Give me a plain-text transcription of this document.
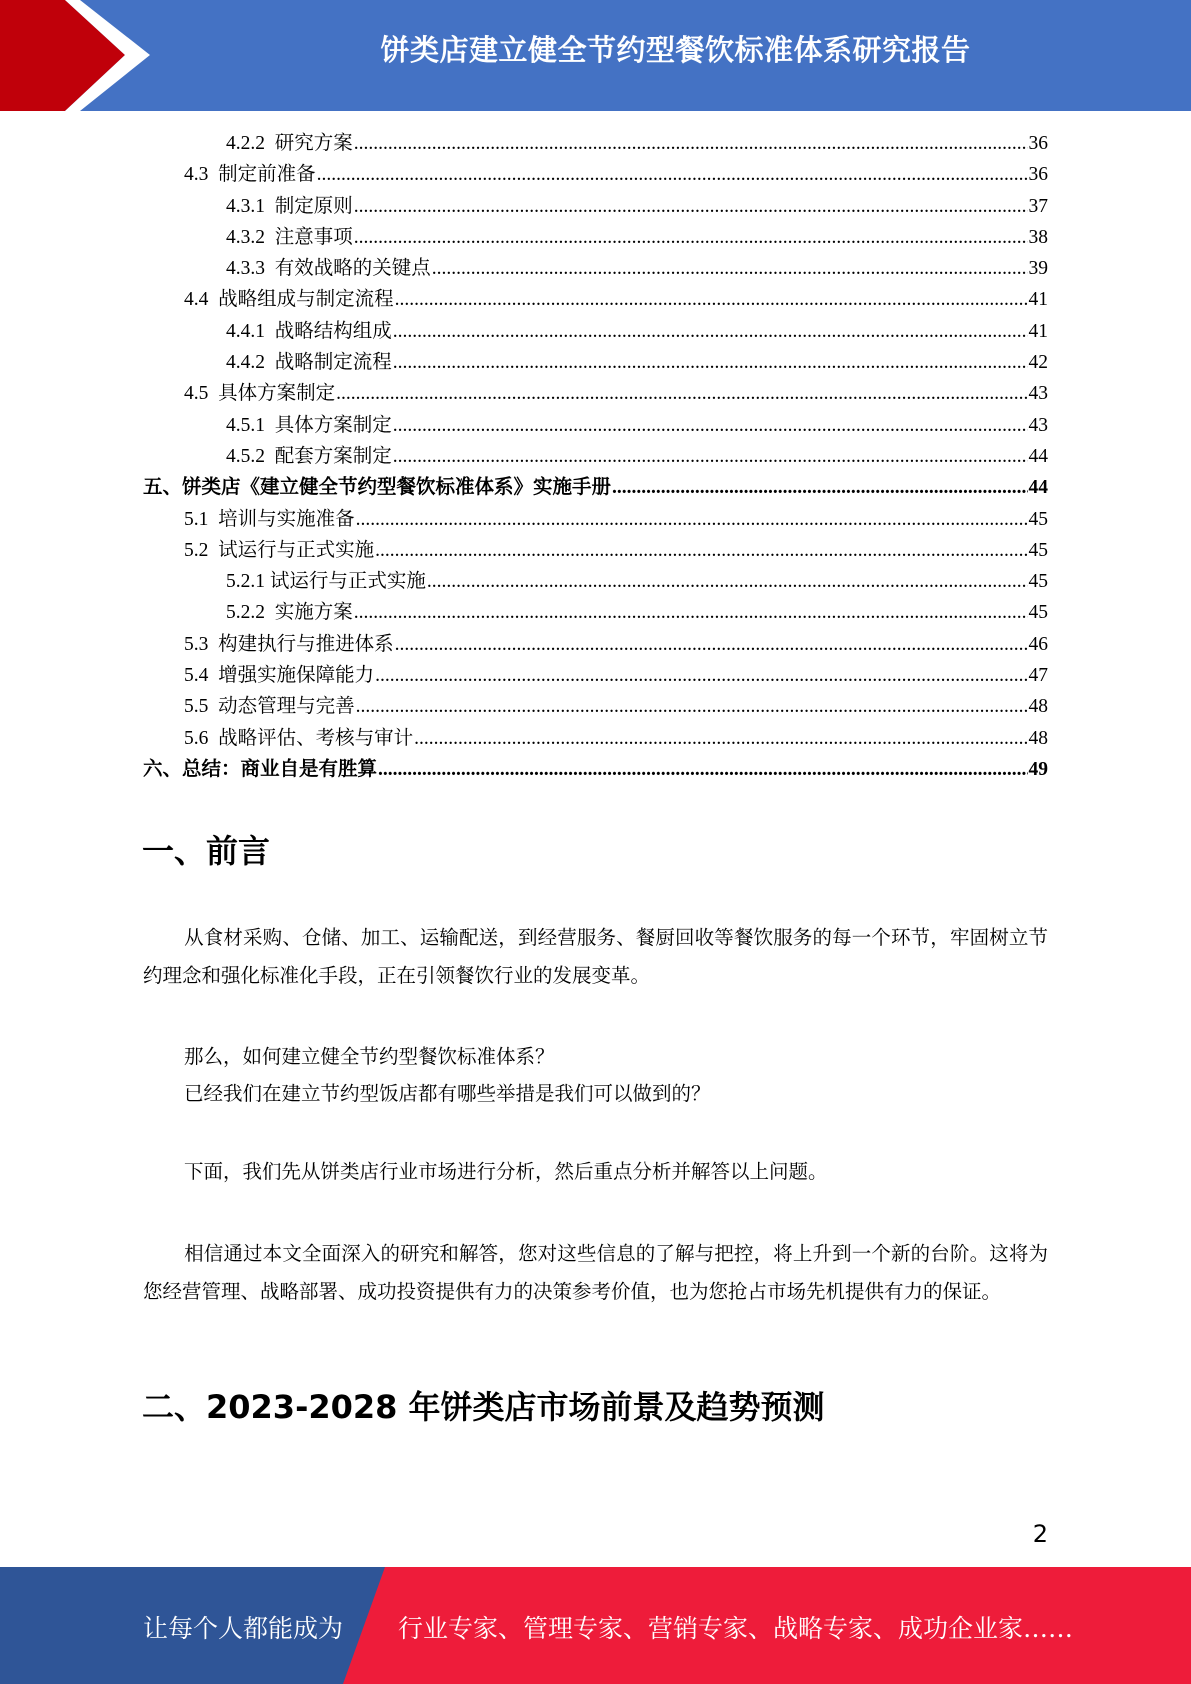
饼类店建立健全节约型餐饮标准体系研究报告
4.2.2 研究方案 .....	36
4.3 制定前准备 .....	36
4.3.1 制定原则 .....	37
4.3.2 注意事项 .....	38
4.3.3 有效战略的关键点 .....	39
4.4 战略组成与制定流程 .....	41
4.4.1 战略结构组成 .....	41
4.4.2 战略制定流程 .....	42
4.5 具体方案制定 .....	43
4.5.1 具体方案制定 .....	43
4.5.2 配套方案制定 .....	44
五、饼类店《建立健全节约型餐饮标准体系》实施手册 .....	44
5.1 培训与实施准备 .....	45
5.2 试运行与正式实施 .....	45
5.2.1 试运行与正式实施 .....	45
5.2.2 实施方案 .....	45
5.3 构建执行与推进体系 .....	46
5.4 增强实施保障能力 .....	47
5.5 动态管理与完善 .....	48
5.6 战略评估、考核与审计 .....	48
六、总结：商业自是有胜算 .....	49
一、前言
从食材采购、仓储、加工、运输配送，到经营服务、餐厨回收等餐饮服务的每一个环节，牢固树立节约理念和强化标准化手段，正在引领餐饮行业的发展变革。
那么，如何建立健全节约型餐饮标准体系？
已经我们在建立节约型饭店都有哪些举措是我们可以做到的？
下面，我们先从饼类店行业市场进行分析，然后重点分析并解答以上问题。
相信通过本文全面深入的研究和解答，您对这些信息的了解与把控，将上升到一个新的台阶。这将为您经营管理、战略部署、成功投资提供有力的决策参考价值，也为您抢占市场先机提供有力的保证。
二、2023-2028 年饼类店市场前景及趋势预测
2
让每个人都能成为 行业专家、管理专家、营销专家、战略专家、成功企业家……
